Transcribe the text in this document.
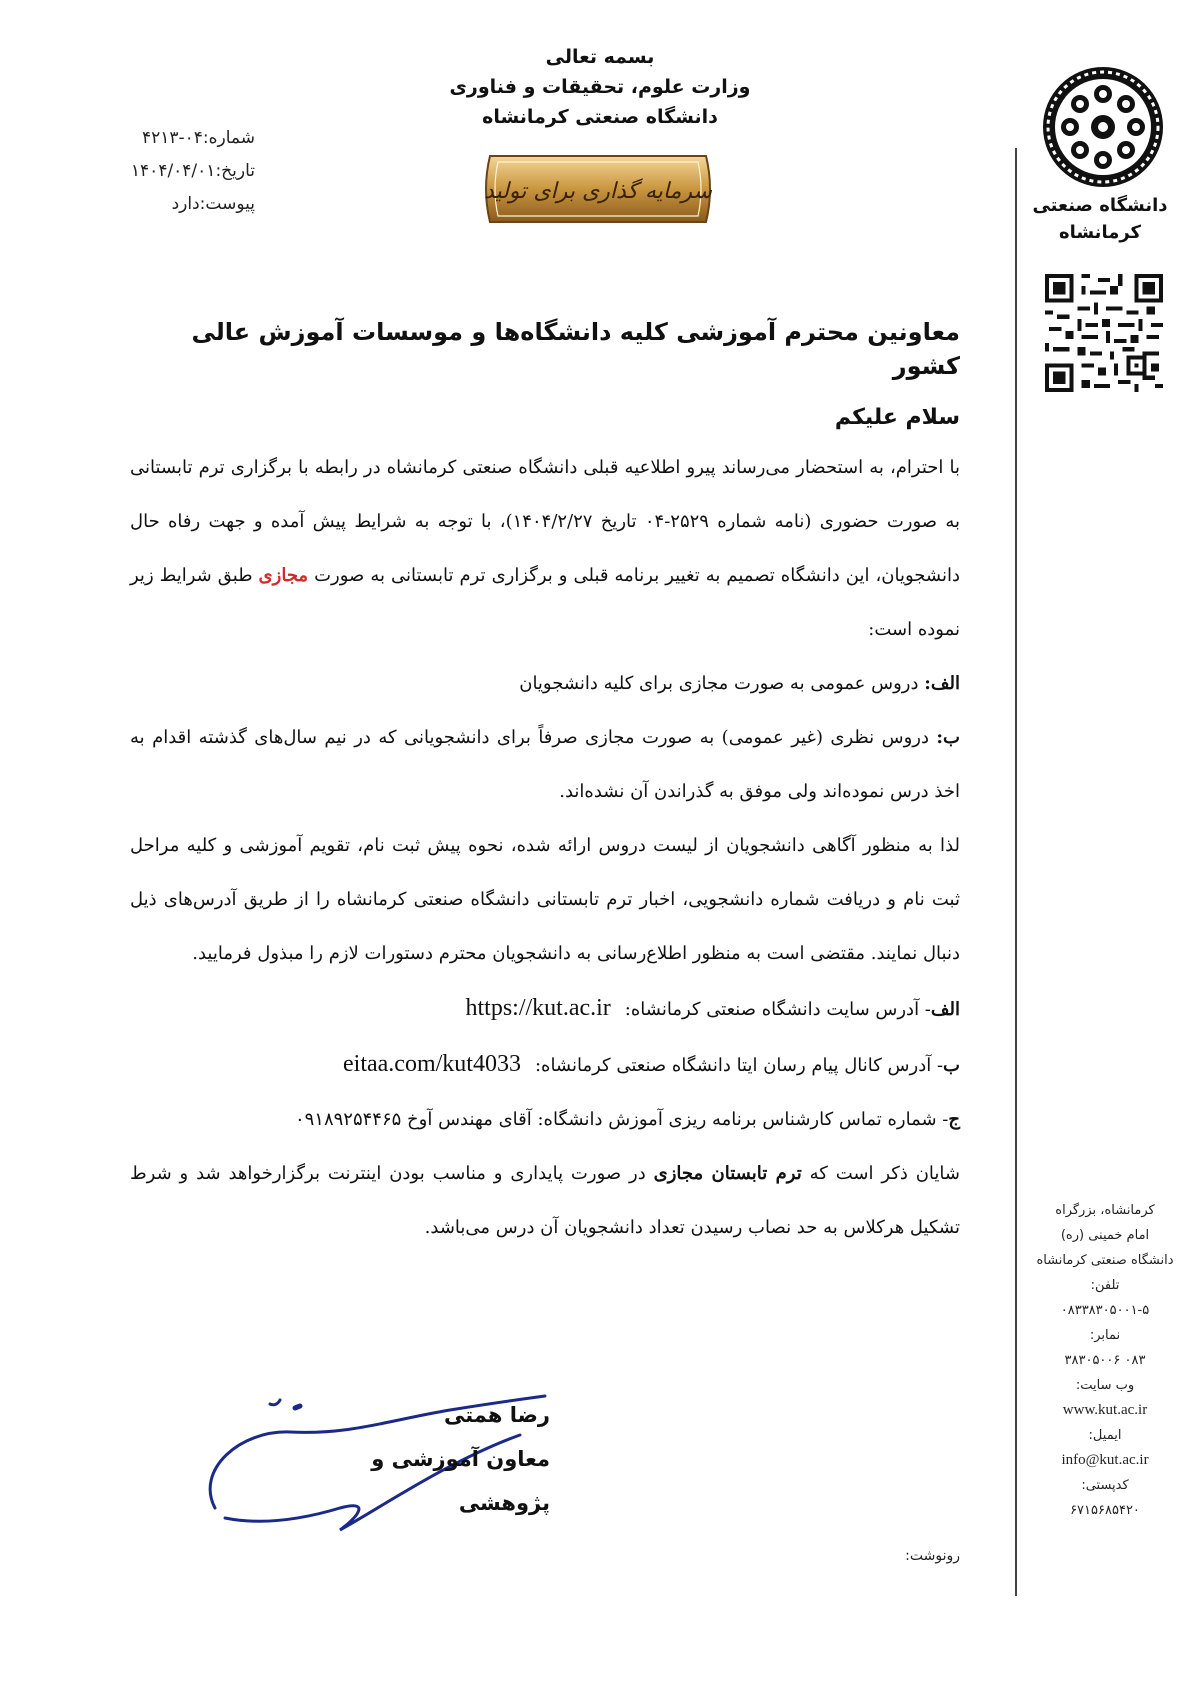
بسمه تعالی
وزارت علوم، تحقیقات و فناوری
دانشگاه صنعتی کرمانشاه
سرمایه گذاری برای تولید
شماره:۰۴-۴۲۱۳
تاریخ:۱۴۰۴/۰۴/۰۱
پیوست:دارد	دانشگاه صنعتی
کرمانشاه
کرمانشاه، بزرگراه
امام خمینی (ره)
دانشگاه صنعتی کرمانشاه
تلفن:
۰۸۳۳۸۳۰۵۰۰۱-۵
نمابر:
۰۸۳ ۳۸۳۰۵۰۰۶
وب سایت:
www.kut.ac.ir
ایمیل:
info@kut.ac.ir
کدپستی:
۶۷۱۵۶۸۵۴۲۰

معاونین محترم آموزشی کلیه دانشگاه‌ها و موسسات آموزش عالی کشور

سلام علیکم

با احترام، به استحضار می‌رساند پیرو اطلاعیه قبلی دانشگاه صنعتی کرمانشاه در رابطه با برگزاری ترم تابستانی به صورت حضوری (نامه شماره ۲۵۲۹-۰۴ تاریخ ۱۴۰۴/۲/۲۷)، با توجه به شرایط پیش آمده و جهت رفاه حال دانشجویان، این دانشگاه تصمیم به تغییر برنامه قبلی و برگزاری ترم تابستانی به صورت مجازی طبق شرایط زیر نموده است:

الف: دروس عمومی به صورت مجازی برای کلیه دانشجویان

ب: دروس نظری (غیر عمومی) به صورت مجازی صرفاً برای دانشجویانی که در نیم سال‌های گذشته اقدام به اخذ درس نموده‌اند ولی موفق به گذراندن آن نشده‌اند.

لذا به منظور آگاهی دانشجویان از لیست دروس ارائه شده، نحوه پیش ثبت نام، تقویم آموزشی و کلیه مراحل ثبت نام و دریافت شماره دانشجویی، اخبار ترم تابستانی دانشگاه صنعتی کرمانشاه را از طریق آدرس‌های ذیل دنبال نمایند. مقتضی است به منظور اطلاع‌رسانی به دانشجویان محترم دستورات لازم را مبذول فرمایید.

الف- آدرس سایت دانشگاه صنعتی کرمانشاه:https://kut.ac.ir

ب- آدرس کانال پیام رسان ایتا دانشگاه صنعتی کرمانشاه:eitaa.com/kut4033

ج- شماره تماس کارشناس برنامه ریزی آموزش دانشگاه: آقای مهندس آوخ ۰۹۱۸۹۲۵۴۴۶۵

شایان ذکر است که ترم تابستان مجازی در صورت پایداری و مناسب بودن اینترنت برگزارخواهد شد و شرط تشکیل هرکلاس به حد نصاب رسیدن تعداد دانشجویان آن درس می‌باشد.

رضا همتی
معاون آموزشی و پژوهشی
رونوشت:
